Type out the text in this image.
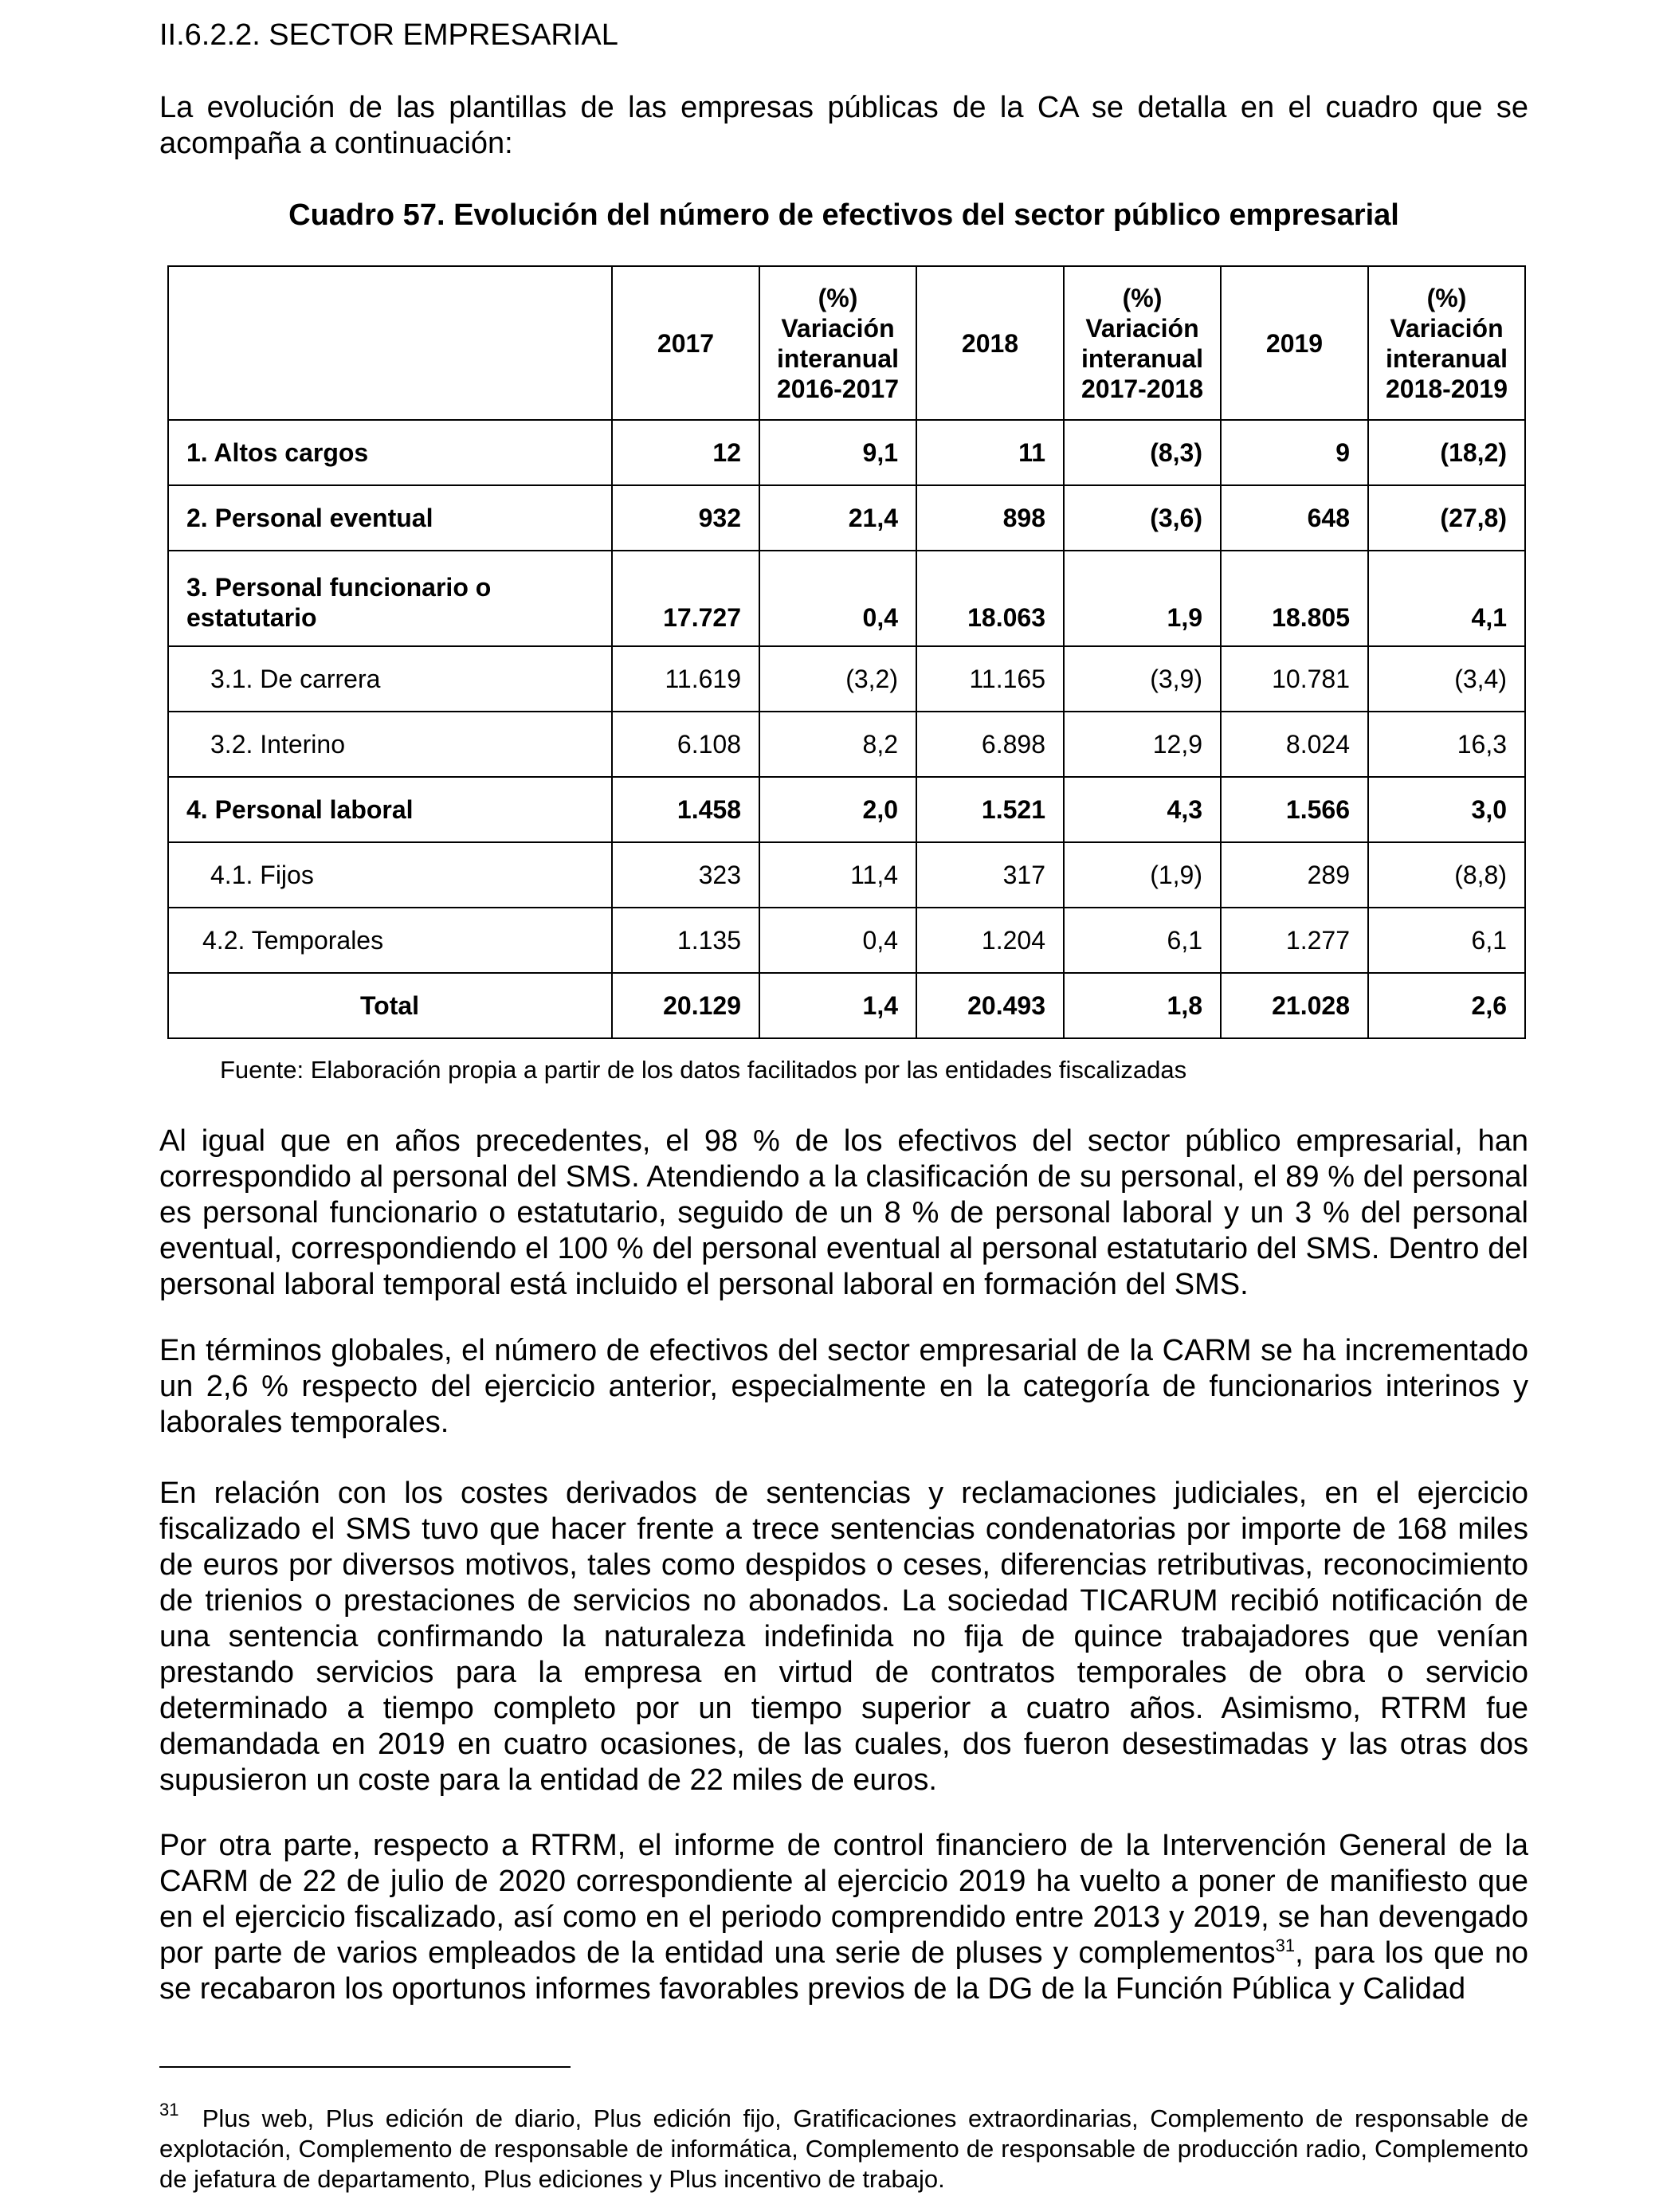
II.6.2.2. SECTOR EMPRESARIAL

La evolución de las plantillas de las empresas públicas de la CA se detalla en el cuadro que se acompaña a continuación:

Cuadro 57. Evolución del número de efectivos del sector público empresarial
	2017	(%)
Variación
interanual
2016-2017	2018	(%)
Variación
interanual
2017-2018	2019	(%)
Variación
interanual
2018-2019

1. Altos cargos	12	9,1	11	(8,3)	9	(18,2)
2. Personal eventual	932	21,4	898	(3,6)	648	(27,8)
3. Personal funcionario o estatutario	17.727	0,4	18.063	1,9	18.805	4,1
3.1. De carrera	11.619	(3,2)	11.165	(3,9)	10.781	(3,4)
3.2. Interino	6.108	8,2	6.898	12,9	8.024	16,3
4. Personal laboral	1.458	2,0	1.521	4,3	1.566	3,0
4.1. Fijos	323	11,4	317	(1,9)	289	(8,8)
4.2. Temporales	1.135	0,4	1.204	6,1	1.277	6,1
Total	20.129	1,4	20.493	1,8	21.028	2,6
Fuente: Elaboración propia a partir de los datos facilitados por las entidades fiscalizadas

Al igual que en años precedentes, el 98 % de los efectivos del sector público empresarial, han correspondido al personal del SMS. Atendiendo a la clasificación de su personal, el 89 % del personal es personal funcionario o estatutario, seguido de un 8 % de personal laboral y un 3 % del personal eventual, correspondiendo el 100 % del personal eventual al personal estatutario del SMS. Dentro del personal laboral temporal está incluido el personal laboral en formación del SMS.

En términos globales, el número de efectivos del sector empresarial de la CARM se ha incrementado un 2,6 % respecto del ejercicio anterior, especialmente en la categoría de funcionarios interinos y laborales temporales.

En relación con los costes derivados de sentencias y reclamaciones judiciales, en el ejercicio fiscalizado el SMS tuvo que hacer frente a trece sentencias condenatorias por importe de 168 miles de euros por diversos motivos, tales como despidos o ceses, diferencias retributivas, reconocimiento de trienios o prestaciones de servicios no abonados. La sociedad TICARUM recibió notificación de una sentencia confirmando la naturaleza indefinida no fija de quince trabajadores que venían prestando servicios para la empresa en virtud de contratos temporales de obra o servicio determinado a tiempo completo por un tiempo superior a cuatro años. Asimismo, RTRM fue demandada en 2019 en cuatro ocasiones, de las cuales, dos fueron desestimadas y las otras dos supusieron un coste para la entidad de 22 miles de euros.

Por otra parte, respecto a RTRM, el informe de control financiero de la Intervención General de la CARM de 22 de julio de 2020 correspondiente al ejercicio 2019 ha vuelto a poner de manifiesto que en el ejercicio fiscalizado, así como en el periodo comprendido entre 2013 y 2019, se han devengado por parte de varios empleados de la entidad una serie de pluses y complementos$^{31}$, para los que no se recabaron los oportunos informes favorables previos de la DG de la Función Pública y Calidad

$^{31}$ Plus web, Plus edición de diario, Plus edición fijo, Gratificaciones extraordinarias, Complemento de responsable de explotación, Complemento de responsable de informática, Complemento de responsable de producción radio, Complemento de jefatura de departamento, Plus ediciones y Plus incentivo de trabajo.
